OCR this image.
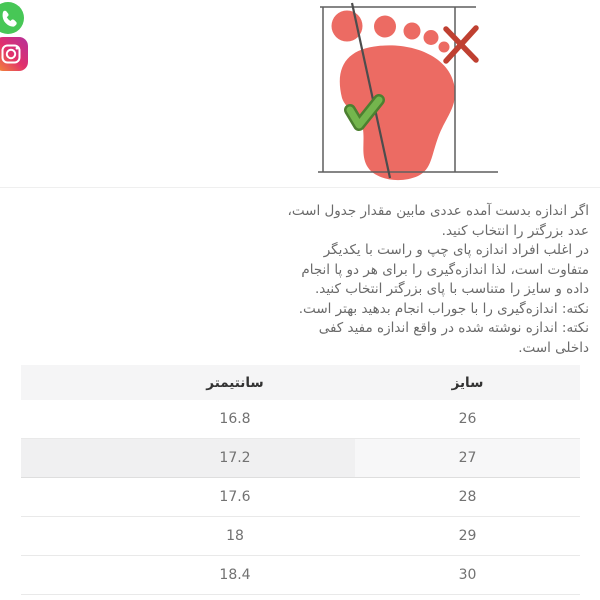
اگر اندازه بدست آمده عددی مابین مقدار جدول است،
عدد بزرگتر را انتخاب کنید.
در اغلب افراد اندازه پای چپ و راست با یکدیگر
متفاوت است، لذا اندازه‌گیری را برای هر دو پا انجام
داده و سایز را متناسب با پای بزرگتر انتخاب کنید.
نکته: اندازه‌گیری را با جوراب انجام بدهید بهتر است.
نکته: اندازه نوشته شده در واقع اندازه مفید کفی
داخلی است.
سایز	سانتیمتر	
26	16.8	
27	17.2	
28	17.6	
29	18	
30	18.4	
